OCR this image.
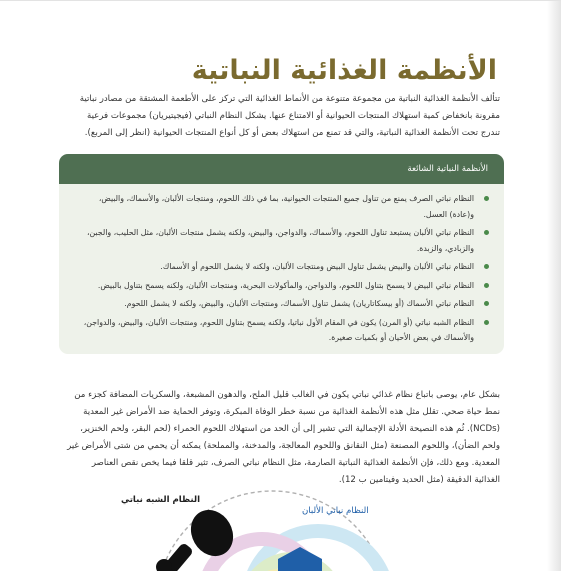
الأنظمة الغذائية النباتية

تتألف الأنظمة الغذائية النباتية من مجموعة متنوعة من الأنماط الغذائية التي تركز على الأطعمة المشتقة من مصادر نباتية مقرونة بانخفاض كمية استهلاك المنتجات الحيوانية أو الامتناع عنها. يشكل النظام النباتي (فيجيتيريان) مجموعات فرعية تندرج تحت الأنظمة الغذائية النباتية، والتي قد تمنع من استهلاك بعض أو كل أنواع المنتجات الحيوانية (انظر إلى المربع).

الأنظمة النباتية الشائعة
النظام نباتي الصرف يمنع من تناول جميع المنتجات الحيوانية، بما في ذلك اللحوم، ومنتجات الألبان، والأسماك، والبيض، و(عادة) العسل.
النظام نباتي الألبان يستبعد تناول اللحوم، والأسماك، والدواجن، والبيض، ولكنه يشمل منتجات الألبان، مثل الحليب، والجبن، والزبادي، والزبدة.
النظام نباتي الألبان والبيض يشمل تناول البيض ومنتجات الألبان، ولكنه لا يشمل اللحوم أو الأسماك.
النظام نباتي البيض لا يسمح بتناول اللحوم، والدواجن، والمأكولات البحرية، ومنتجات الألبان، ولكنه يسمح بتناول بالبيض.
النظام نباتي الأسماك (أو بيسكاتاريان) يشمل تناول الأسماك، ومنتجات الألبان، والبيض، ولكنه لا يشمل اللحوم.
النظام الشبه نباتي (أو المرن) يكون في المقام الأول نباتيا، ولكنه يسمح بتناول اللحوم، ومنتجات الألبان، والبيض، والدواجن، والأسماك في بعض الأحيان أو بكميات صغيرة.

بشكل عام، يوصى باتباع نظام غذائي نباتي يكون في الغالب قليل الملح، والدهون المشبعة، والسكريات المضافة كجزء من نمط حياة صحي. تقلل مثل هذه الأنظمة الغذائية من نسبة خطر الوفاة المبكرة، وتوفر الحماية ضد الأمراض غير المعدية (NCDs). ثُم هذه النصيحة الأدلة الإجمالية التي تشير إلى أن الحد من استهلاك اللحوم الحمراء (لحم البقر، ولحم الخنزير، ولحم الضأن)، واللحوم المصنعة (مثل النقانق واللحوم المعالجة، والمدخنة، والمملحة) يمكنه أن يحمي من شتى الأمراض غير المعدية. ومع ذلك، فإن الأنظمة الغذائية النباتية الصارمة، مثل النظام نباتي الصرف، تثير قلقا فيما يخص نقص العناصر الغذائية الدقيقة (مثل الحديد وفيتامين ب 12).

النظام الشبه نباتي
النظام نباتي الألبان
